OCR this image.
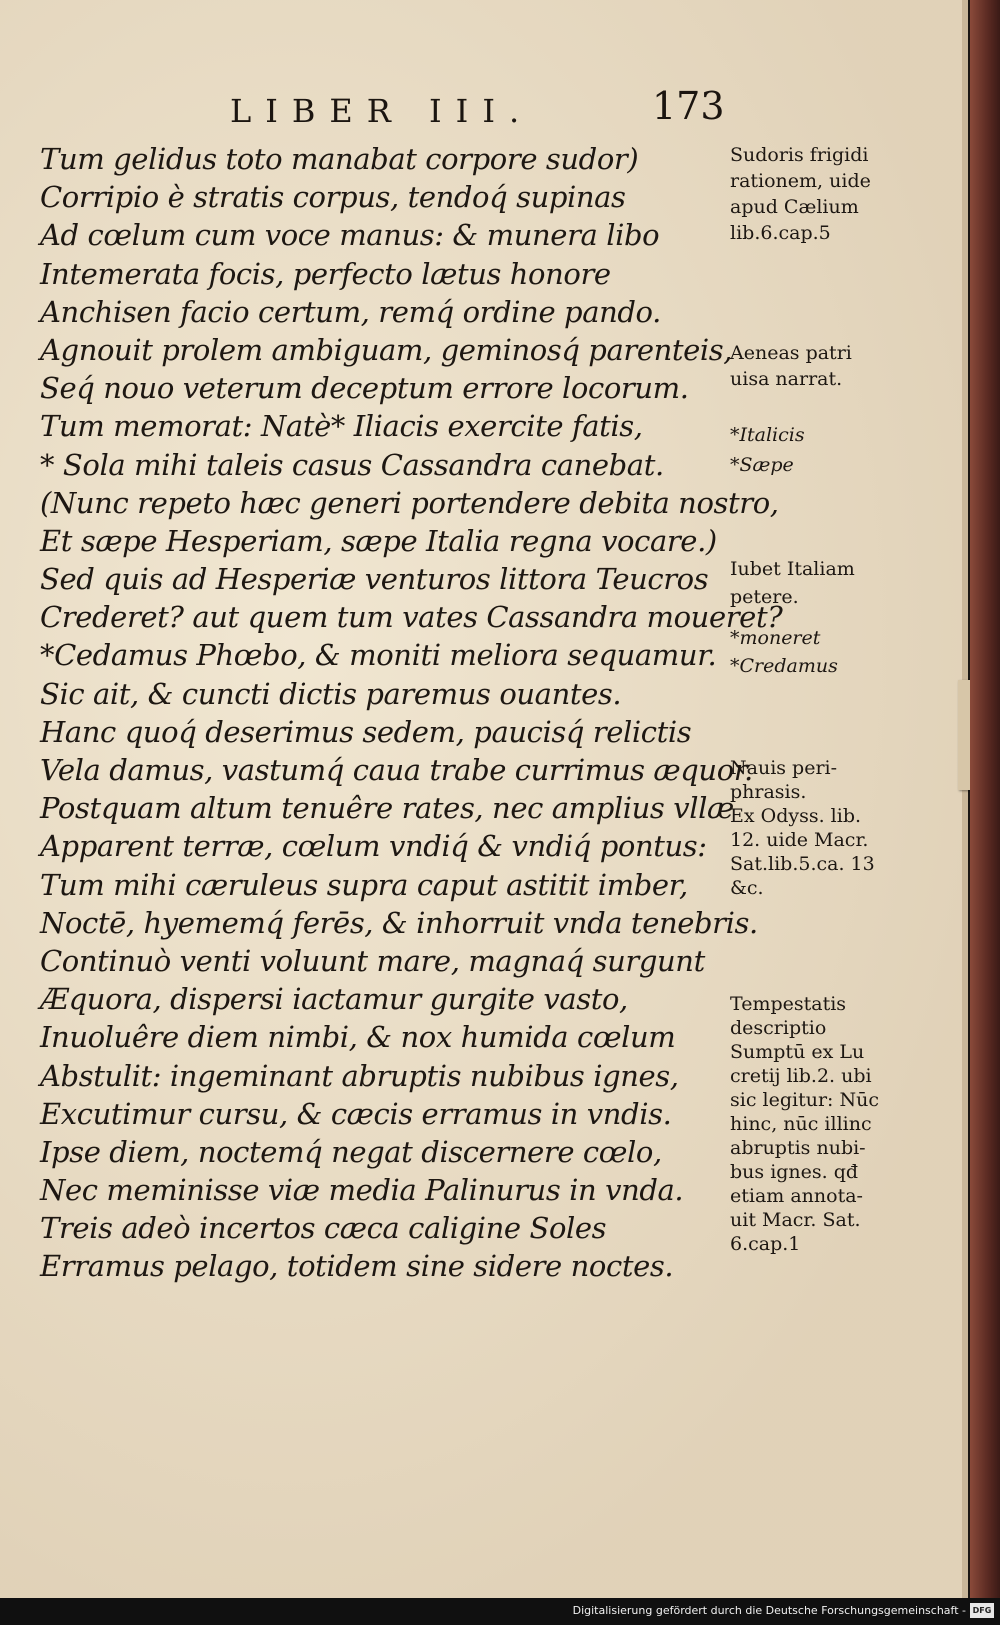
LIBER III.	173
Tum gelidus toto manabat corpore sudor)
Corripio è stratis corpus, tendoq́ supinas
Ad cœlum cum voce manus: & munera libo
Intemerata focis, perfecto lætus honore
Anchisen facio certum, remq́ ordine pando.
Agnouit prolem ambiguam, geminosq́ parenteis,
Seq́ nouo veterum deceptum errore locorum.
Tum memorat: Natè* Iliacis exercite fatis,
* Sola mihi taleis casus Cassandra canebat.
(Nunc repeto hæc generi portendere debita nostro,
Et sæpe Hesperiam, sæpe Italia regna vocare.)
Sed quis ad Hesperiæ venturos littora Teucros
Crederet? aut quem tum vates Cassandra moueret?
*Cedamus Phœbo, & moniti meliora sequamur.
Sic ait, & cuncti dictis paremus ouantes.
Hanc quoq́ deserimus sedem, paucisq́ relictis
Vela damus, vastumq́ caua trabe currimus æquor.
Postquam altum tenuêre rates, nec amplius vllæ
Apparent terræ, cœlum vndiq́ & vndiq́ pontus:
Tum mihi cæruleus supra caput astitit imber,
Noctē, hyememq́ ferēs, & inhorruit vnda tenebris.
Continuò venti voluunt mare, magnaq́ surgunt
Æquora, dispersi iactamur gurgite vasto,
Inuoluêre diem nimbi, & nox humida cœlum
Abstulit: ingeminant abruptis nubibus ignes,
Excutimur cursu, & cæcis erramus in vndis.
Ipse diem, noctemq́ negat discernere cœlo,
Nec meminisse viæ media Palinurus in vnda.
Treis adeò incertos cæca caligine Soles
Erramus pelago, totidem sine sidere noctes.
Sudoris frigidi
rationem, uide
apud Cælium
lib.6.cap.5
Aeneas patri
uisa narrat.
*Italicis
*Sæpe
Iubet Italiam
petere.
*moneret
*Credamus
Nauis peri-
phrasis.
Ex Odyss. lib.
12. uide Macr.
Sat.lib.5.ca. 13
&c.
Tempestatis
descriptio
Sumptū ex Lu
cretij lib.2. ubi
sic legitur: Nūc
hinc, nūc illinc
abruptis nubi-
bus ignes. qđ
etiam annota-
uit Macr. Sat.
6.cap.1
Digitalisierung gefördert durch die Deutsche Forschungsgemeinschaft - DFG
